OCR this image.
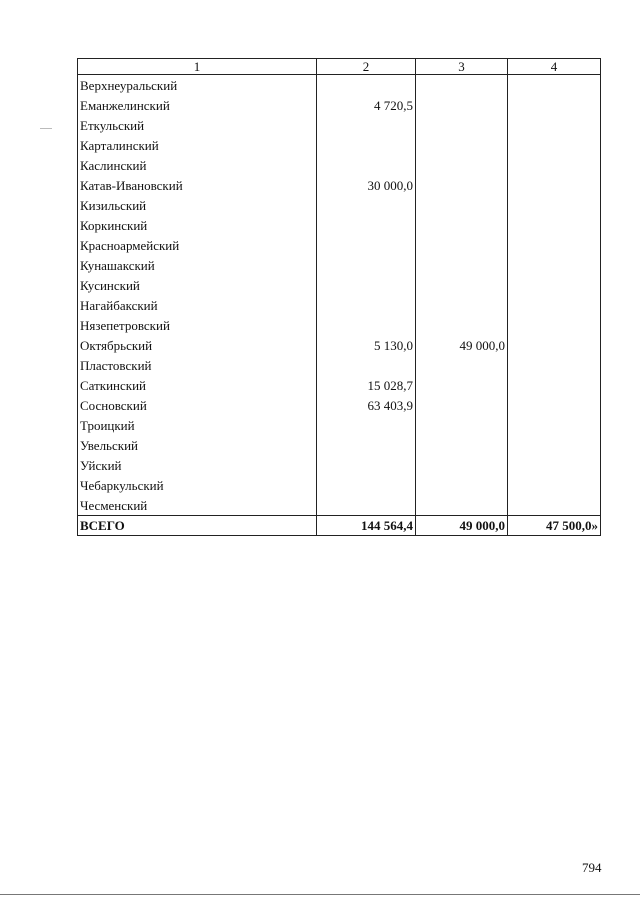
1	2	3	4
Верхнеуральский			
Еманжелинский	4 720,5		
Еткульский			
Карталинский			
Каслинский			
Катав-Ивановский	30 000,0		
Кизильский			
Коркинский			
Красноармейский			
Кунашакский			
Кусинский			
Нагайбакский			
Нязепетровский			
Октябрьский	5 130,0	49 000,0	
Пластовский			
Саткинский	15 028,7		
Сосновский	63 403,9		
Троицкий			
Увельский			
Уйский			
Чебаркульский			
Чесменский			
ВСЕГО	144 564,4	49 000,0	47 500,0»
794
